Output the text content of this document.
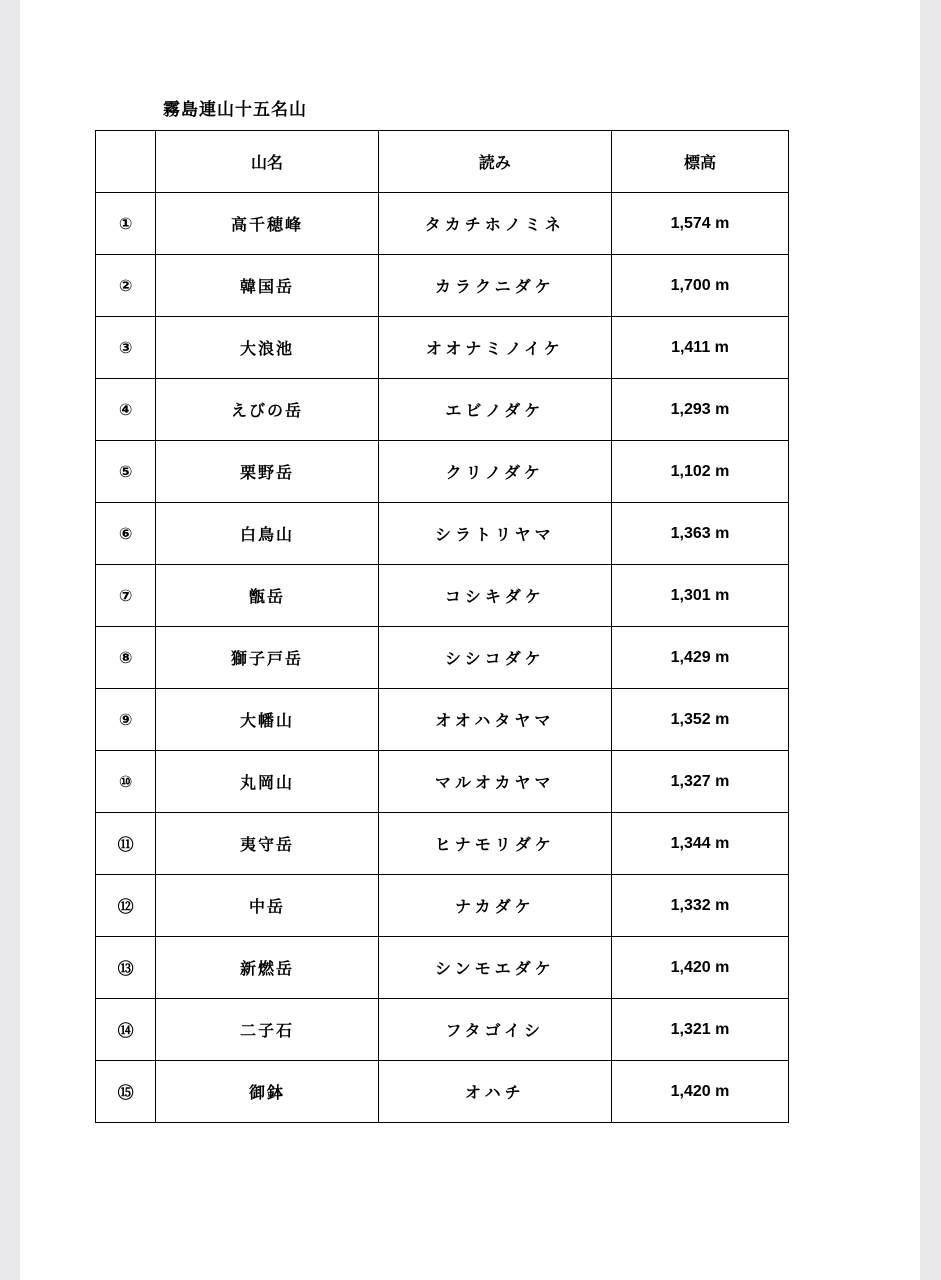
霧島連山十五名山
	山名	読み	標高
①	高千穂峰	タカチホノミネ	1,574 m
②	韓国岳	カラクニダケ	1,700 m
③	大浪池	オオナミノイケ	1,411 m
④	えびの岳	エビノダケ	1,293 m
⑤	栗野岳	クリノダケ	1,102 m
⑥	白鳥山	シラトリヤマ	1,363 m
⑦	甑岳	コシキダケ	1,301 m
⑧	獅子戸岳	シシコダケ	1,429 m
⑨	大幡山	オオハタヤマ	1,352 m
⑩	丸岡山	マルオカヤマ	1,327 m
⑪	夷守岳	ヒナモリダケ	1,344 m
⑫	中岳	ナカダケ	1,332 m
⑬	新燃岳	シンモエダケ	1,420 m
⑭	二子石	フタゴイシ	1,321 m
⑮	御鉢	オハチ	1,420 m
